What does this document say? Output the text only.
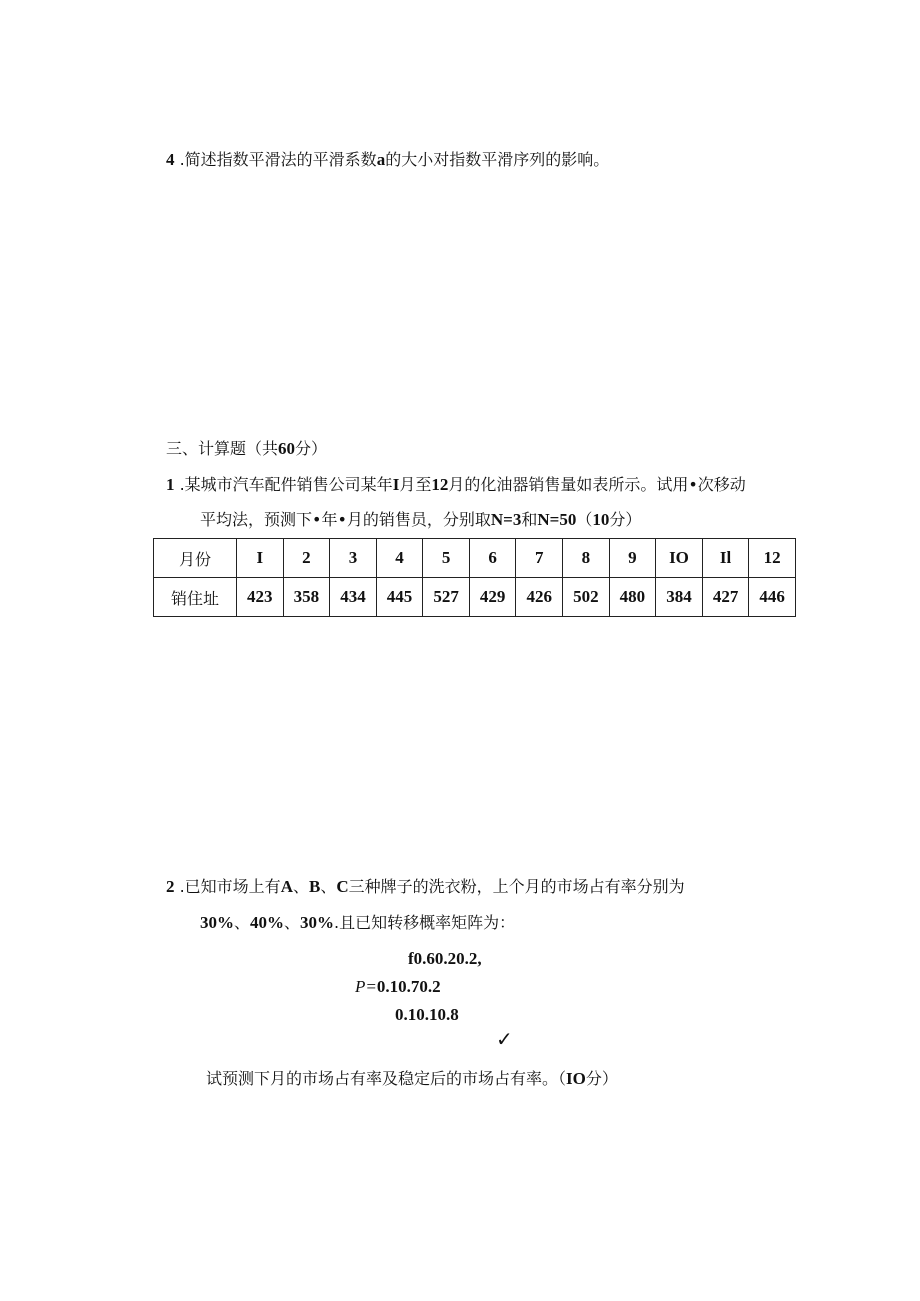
4 .简述指数平滑法的平滑系数a的大小对指数平滑序列的影响。
三、计算题（共60分）
1 .某城市汽车配件销售公司某年I月至12月的化油器销售量如表所示。试用•次移动
平均法，预测下•年•月的销售员，分别取N=3和N=50（10分）
月份	I	2	3	4	5	6	7	8	9	IO	Il	12
销住址	423	358	434	445	527	429	426	502	480	384	427	446
2 .已知市场上有A、B、C三种牌子的洗衣粉，上个月的市场占有率分别为
30%、40%、30%.且已知转移概率矩阵为：
f0.60.20.2,
P=0.10.70.2
0.10.10.8
✓
试预测下月的市场占有率及稳定后的市场占有率。（IO分）
